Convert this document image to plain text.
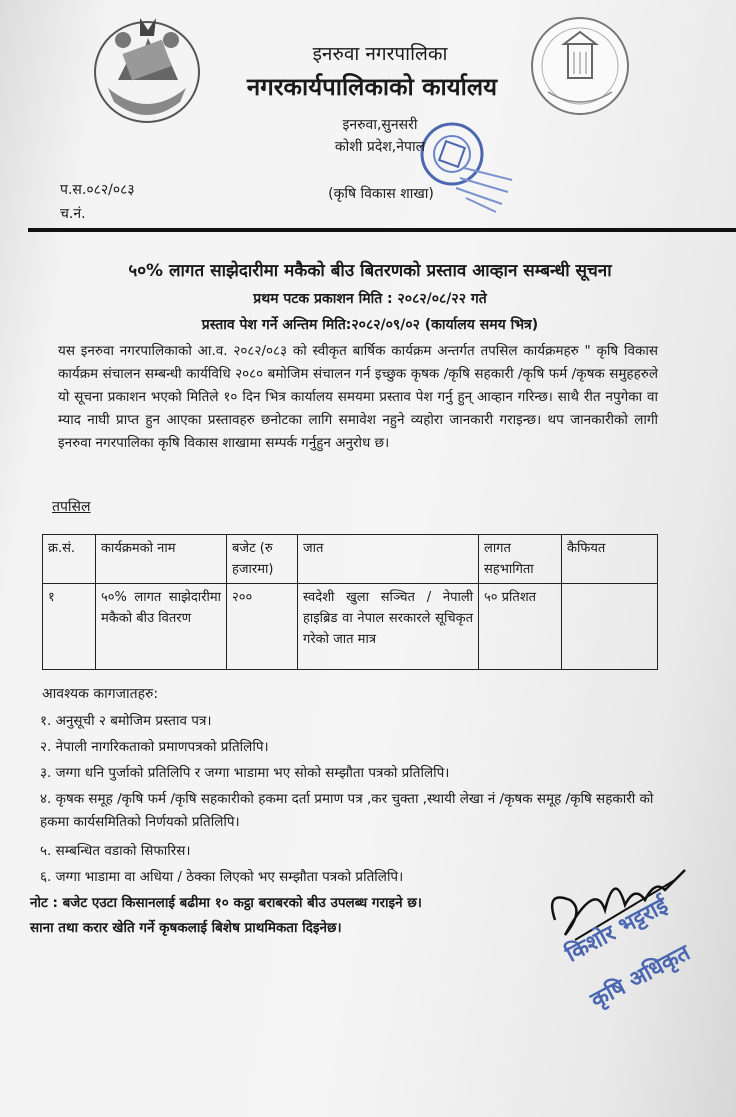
इनरुवा नगरपालिका
नगरकार्यपालिकाको कार्यालय
इनरुवा,सुनसरी
कोशी प्रदेश,नेपाल
(कृषि विकास शाखा)
प.स.०८२/०८३
च.नं.
५०% लागत साझेदारीमा मकैको बीउ बितरणको प्रस्ताव आव्हान सम्बन्धी सूचना
प्रथम पटक प्रकाशन मिति : २०८२/०८/२२ गते
प्रस्ताव पेश गर्ने अन्तिम मिति:२०८२/०९/०२ (कार्यालय समय भित्र)
यस इनरुवा नगरपालिकाको आ.व. २०८२/०८३ को स्वीकृत बार्षिक कार्यक्रम अन्तर्गत तपसिल कार्यक्रमहरु " कृषि विकास कार्यक्रम संचालन सम्बन्धी कार्यविधि २०८० बमोजिम संचालन गर्न इच्छुक कृषक /कृषि सहकारी /कृषि फर्म /कृषक समुहहरुले यो सूचना प्रकाशन भएको मितिले १० दिन भित्र कार्यालय समयमा प्रस्ताव पेश गर्नु हुन् आव्हान गरिन्छ। साथै रीत नपुगेका वा म्याद नाघी प्राप्त हुन आएका प्रस्तावहरु छनोटका लागि समावेश नहुने व्यहोरा जानकारी गराइन्छ। थप जानकारीको लागी इनरुवा नगरपालिका कृषि विकास शाखामा सम्पर्क गर्नुहुन अनुरोध छ।
तपसिल
क्र.सं.	कार्यक्रमको नाम	बजेट (रु हजारमा)	जात	लागत सहभागिता	कैफियत
१	५०% लागत साझेदारीमा मकैको बीउ वितरण	२००	स्वदेशी खुला सञ्चित / नेपाली हाइब्रिड वा नेपाल सरकारले सूचिकृत गरेको जात मात्र	५० प्रतिशत	
आवश्यक कागजातहरु:
१. अनुसूची २ बमोजिम प्रस्ताव पत्र।
२. नेपाली नागरिकताको प्रमाणपत्रको प्रतिलिपि।
३. जग्गा धनि पुर्जाको प्रतिलिपि र जग्गा भाडामा भए सोको सम्झौता पत्रको प्रतिलिपि।
४. कृषक समूह /कृषि फर्म /कृषि सहकारीको हकमा दर्ता प्रमाण पत्र ,कर चुक्ता ,स्थायी लेखा नं /कृषक समूह /कृषि सहकारी को हकमा कार्यसमितिको निर्णयको प्रतिलिपि।
५. सम्बन्धित वडाको सिफारिस।
६. जग्गा भाडामा वा अधिया / ठेक्का लिएको भए सम्झौता पत्रको प्रतिलिपि।
नोट : बजेट एउटा किसानलाई बढीमा १० कट्ठा बराबरको बीउ उपलब्ध गराइने छ।
साना तथा करार खेति गर्ने कृषकलाई बिशेष प्राथमिकता दिइनेछ।	किशोर भट्टराई
कृषि अधिकृत
